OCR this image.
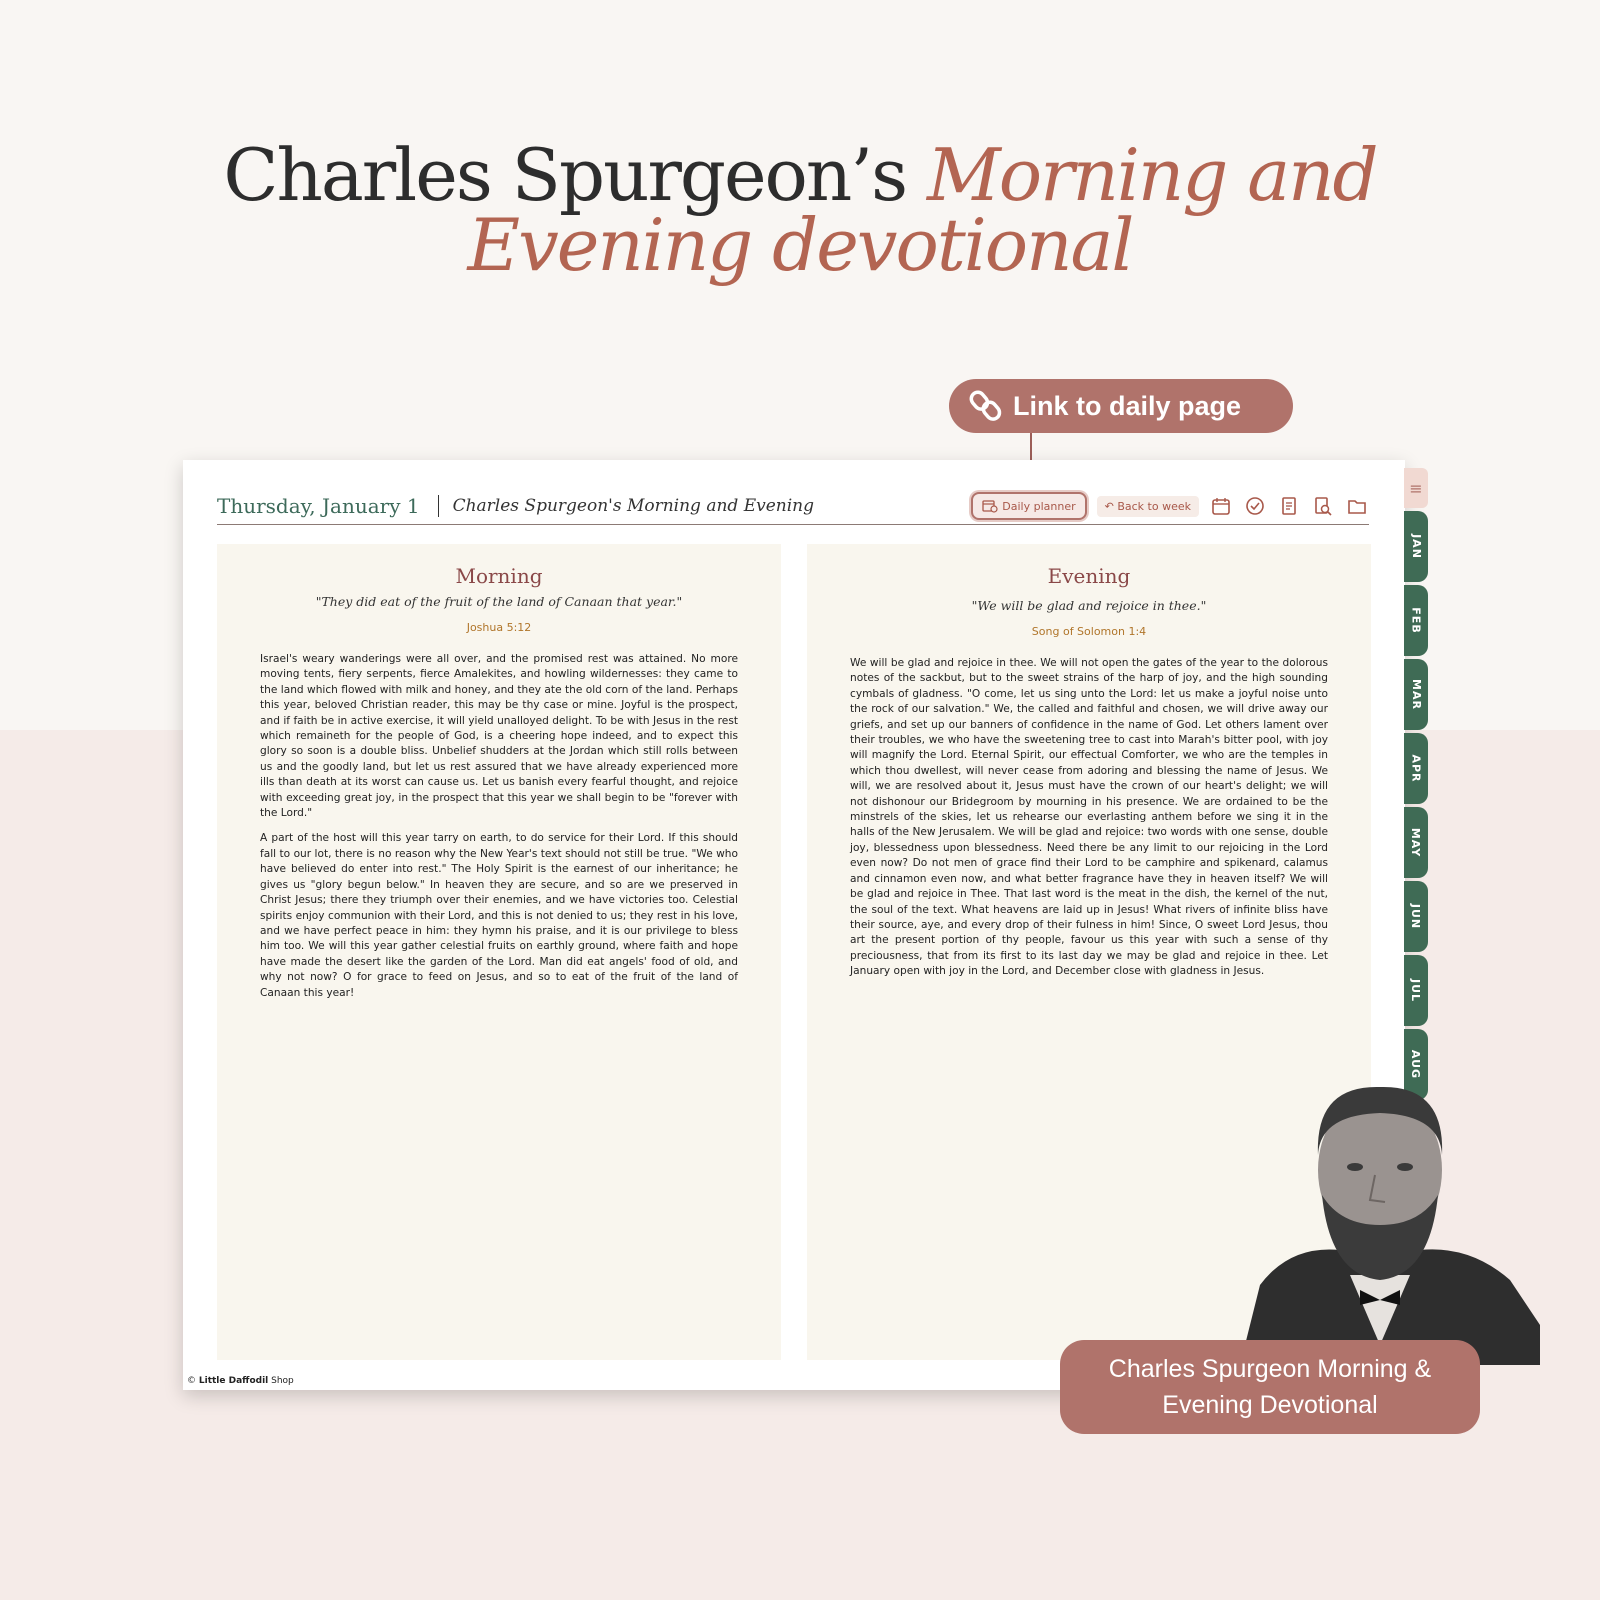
Charles Spurgeon’s Morning and
Evening devotional
Link to daily page
Thursday, January 1 Charles Spurgeon's Morning and Evening	Daily planner	↶ Back to week
Morning
"They did eat of the fruit of the land of Canaan that year."
Joshua 5:12

Israel's weary wanderings were all over, and the promised rest was attained. No more moving tents, fiery serpents, fierce Amalekites, and howling wildernesses: they came to the land which flowed with milk and honey, and they ate the old corn of the land. Perhaps this year, beloved Christian reader, this may be thy case or mine. Joyful is the prospect, and if faith be in active exercise, it will yield unalloyed delight. To be with Jesus in the rest which remaineth for the people of God, is a cheering hope indeed, and to expect this glory so soon is a double bliss. Unbelief shudders at the Jordan which still rolls between us and the goodly land, but let us rest assured that we have already experienced more ills than death at its worst can cause us. Let us banish every fearful thought, and rejoice with exceeding great joy, in the prospect that this year we shall begin to be "forever with the Lord."

A part of the host will this year tarry on earth, to do service for their Lord. If this should fall to our lot, there is no reason why the New Year's text should not still be true. "We who have believed do enter into rest." The Holy Spirit is the earnest of our inheritance; he gives us "glory begun below." In heaven they are secure, and so are we preserved in Christ Jesus; there they triumph over their enemies, and we have victories too. Celestial spirits enjoy communion with their Lord, and this is not denied to us; they rest in his love, and we have perfect peace in him: they hymn his praise, and it is our privilege to bless him too. We will this year gather celestial fruits on earthly ground, where faith and hope have made the desert like the garden of the Lord. Man did eat angels' food of old, and why not now? O for grace to feed on Jesus, and so to eat of the fruit of the land of Canaan this year!

Evening
"We will be glad and rejoice in thee."
Song of Solomon 1:4

We will be glad and rejoice in thee. We will not open the gates of the year to the dolorous notes of the sackbut, but to the sweet strains of the harp of joy, and the high sounding cymbals of gladness. "O come, let us sing unto the Lord: let us make a joyful noise unto the rock of our salvation." We, the called and faithful and chosen, we will drive away our griefs, and set up our banners of confidence in the name of God. Let others lament over their troubles, we who have the sweetening tree to cast into Marah's bitter pool, with joy will magnify the Lord. Eternal Spirit, our effectual Comforter, we who are the temples in which thou dwellest, will never cease from adoring and blessing the name of Jesus. We will, we are resolved about it, Jesus must have the crown of our heart's delight; we will not dishonour our Bridegroom by mourning in his presence. We are ordained to be the minstrels of the skies, let us rehearse our everlasting anthem before we sing it in the halls of the New Jerusalem. We will be glad and rejoice: two words with one sense, double joy, blessedness upon blessedness. Need there be any limit to our rejoicing in the Lord even now? Do not men of grace find their Lord to be camphire and spikenard, calamus and cinnamon even now, and what better fragrance have they in heaven itself? We will be glad and rejoice in Thee. That last word is the meat in the dish, the kernel of the nut, the soul of the text. What heavens are laid up in Jesus! What rivers of infinite bliss have their source, aye, and every drop of their fulness in him! Since, O sweet Lord Jesus, thou art the present portion of thy people, favour us this year with such a sense of thy preciousness, that from its first to its last day we may be glad and rejoice in thee. Let January open with joy in the Lord, and December close with gladness in Jesus.

© Little Daffodil Shop
≡
JAN
FEB
MAR
APR
MAY
JUN
JUL
AUG
Charles Spurgeon Morning &
Evening Devotional
